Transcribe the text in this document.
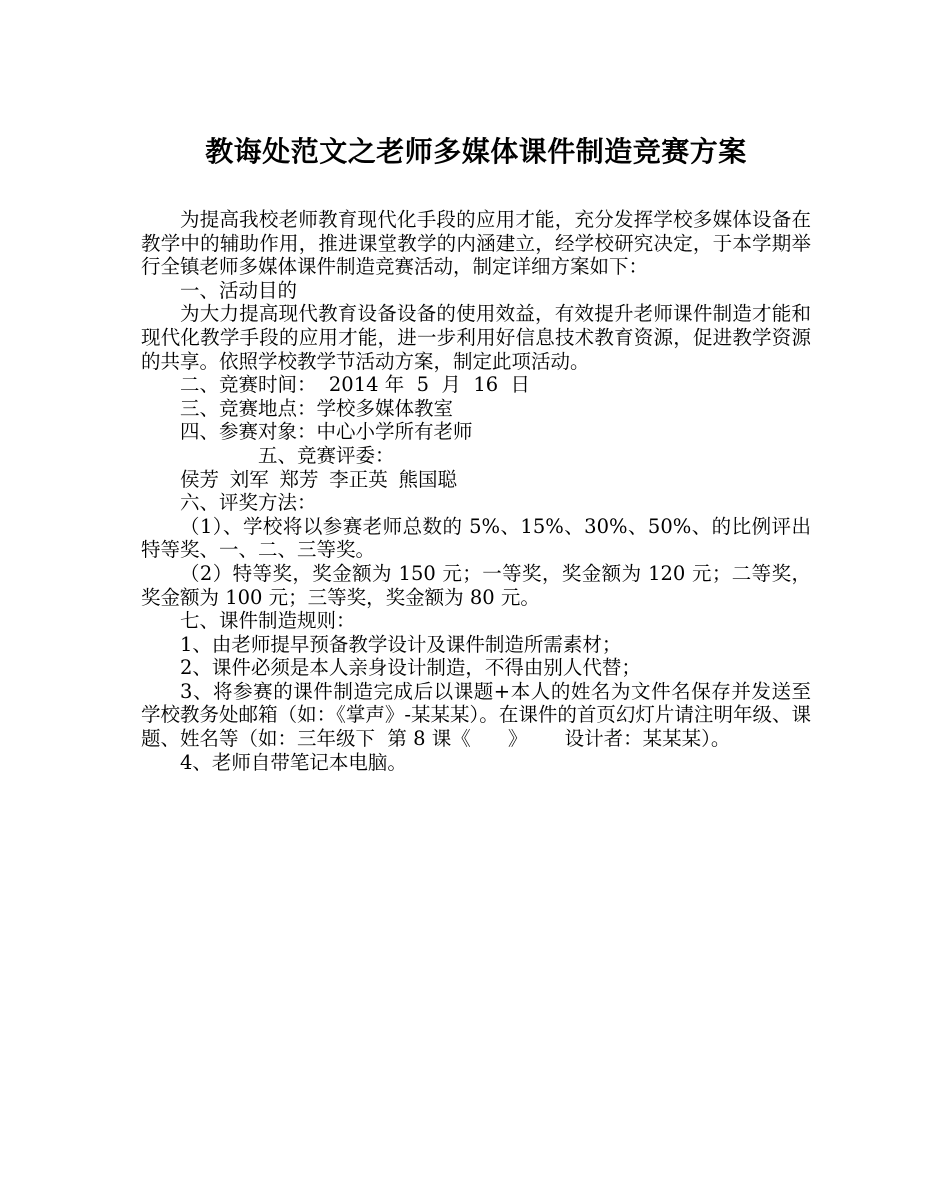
教诲处范文之老师多媒体课件制造竞赛方案

为提高我校老师教育现代化手段的应用才能，充分发挥学校多媒体设备在教学中的辅助作用，推进课堂教学的内涵建立，经学校研究决定，于本学期举行全镇老师多媒体课件制造竞赛活动，制定详细方案如下：

一、活动目的

为大力提高现代教育设备设备的使用效益，有效提升老师课件制造才能和现代化教学手段的应用才能，进一步利用好信息技术教育资源，促进教学资源的共享。依照学校教学节活动方案，制定此项活动。

二、竞赛时间：  2014 年  5  月  16  日

三、竞赛地点：学校多媒体教室

四、参赛对象：中心小学所有老师

五、竞赛评委：

侯芳 刘军 郑芳 李正英 熊国聪

六、评奖方法：

（1）、学校将以参赛老师总数的 5%、15%、30%、50%、的比例评出特等奖、一、二、三等奖。

（2）特等奖，奖金额为 150 元；一等奖，奖金额为 120 元；二等奖，奖金额为 100 元；三等奖，奖金额为 80 元。

七、课件制造规则：

1、由老师提早预备教学设计及课件制造所需素材；

2、课件必须是本人亲身设计制造，不得由别人代替；

3、将参赛的课件制造完成后以课题+本人的姓名为文件名保存并发送至学校教务处邮箱（如：《掌声》-某某某）。在课件的首页幻灯片请注明年级、课题、姓名等（如：三年级下  第 8 课《      》      设计者：某某某）。

4、老师自带笔记本电脑。
